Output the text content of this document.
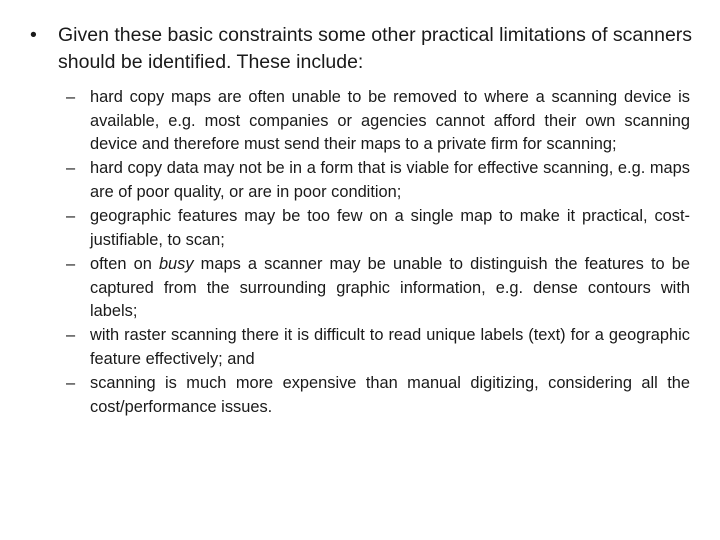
• Given these basic constraints some other practical limitations of scanners should be identified. These include:
– hard copy maps are often unable to be removed to where a scanning device is available, e.g. most companies or agencies cannot afford their own scanning device and therefore must send their maps to a private firm for scanning;
– hard copy data may not be in a form that is viable for effective scanning, e.g. maps are of poor quality, or are in poor condition;
– geographic features may be too few on a single map to make it practical, cost-justifiable, to scan;
– often on busy maps a scanner may be unable to distinguish the features to be captured from the surrounding graphic information, e.g. dense contours with labels;
– with raster scanning there it is difficult to read unique labels (text) for a geographic feature effectively; and
– scanning is much more expensive than manual digitizing, considering all the cost/performance issues.
